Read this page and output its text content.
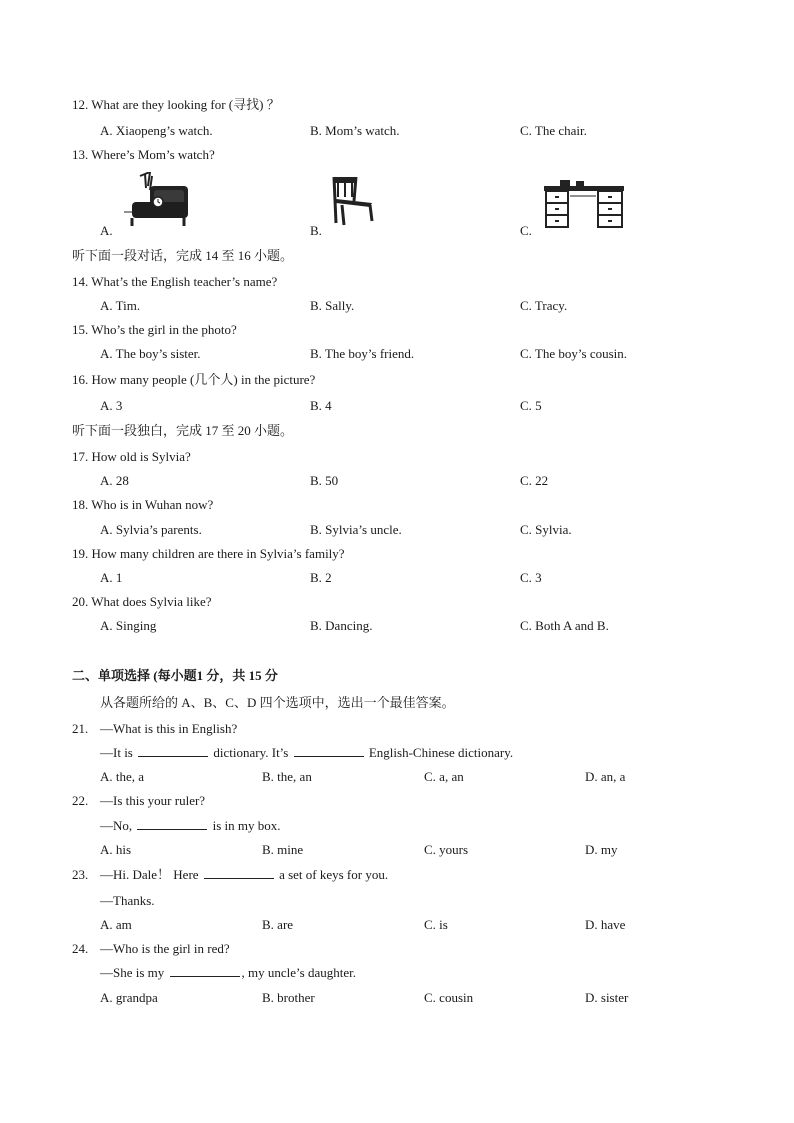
12. What are they looking for (寻找) ？
A. Xiaopeng’s watch.	B. Mom’s watch.	C. The chair.
13. Where’s Mom’s watch?
A.	B.	C.
听下面一段对话，完成 14 至 16 小题。
14. What’s the English teacher’s name?
A. Tim.	B. Sally.	C. Tracy.
15. Who’s the girl in the photo?
A. The boy’s sister.	B. The boy’s friend.	C. The boy’s cousin.
16. How many people (几个人) in the picture?
A. 3	B. 4	C. 5
听下面一段独白，完成 17 至 20 小题。
17. How old is Sylvia?
A. 28	B. 50	C. 22
18. Who is in Wuhan now?
A. Sylvia’s parents.	B. Sylvia’s uncle.	C. Sylvia.
19. How many children are there in Sylvia’s family?
A. 1	B. 2	C. 3
20. What does Sylvia like?
A. Singing	B. Dancing.	C. Both A and B.
二、单项选择 (每小题1 分，共 15 分
从各题所给的 A、B、C、D 四个选项中，选出一个最佳答案。
21. —What is this in English?
—It is	dictionary. It’s	English-Chinese dictionary.
A. the, a	B. the, an	C. a, an	D. an, a
22. —Is this your ruler?
—No,	is in my box.
A. his	B. mine	C. yours	D. my
23. —Hi. Dale！ Here	a set of keys for you.
—Thanks.
A. am	B. are	C. is	D. have
24. —Who is the girl in red?
—She is my	, my uncle’s daughter.
A. grandpa	B. brother	C. cousin	D. sister
